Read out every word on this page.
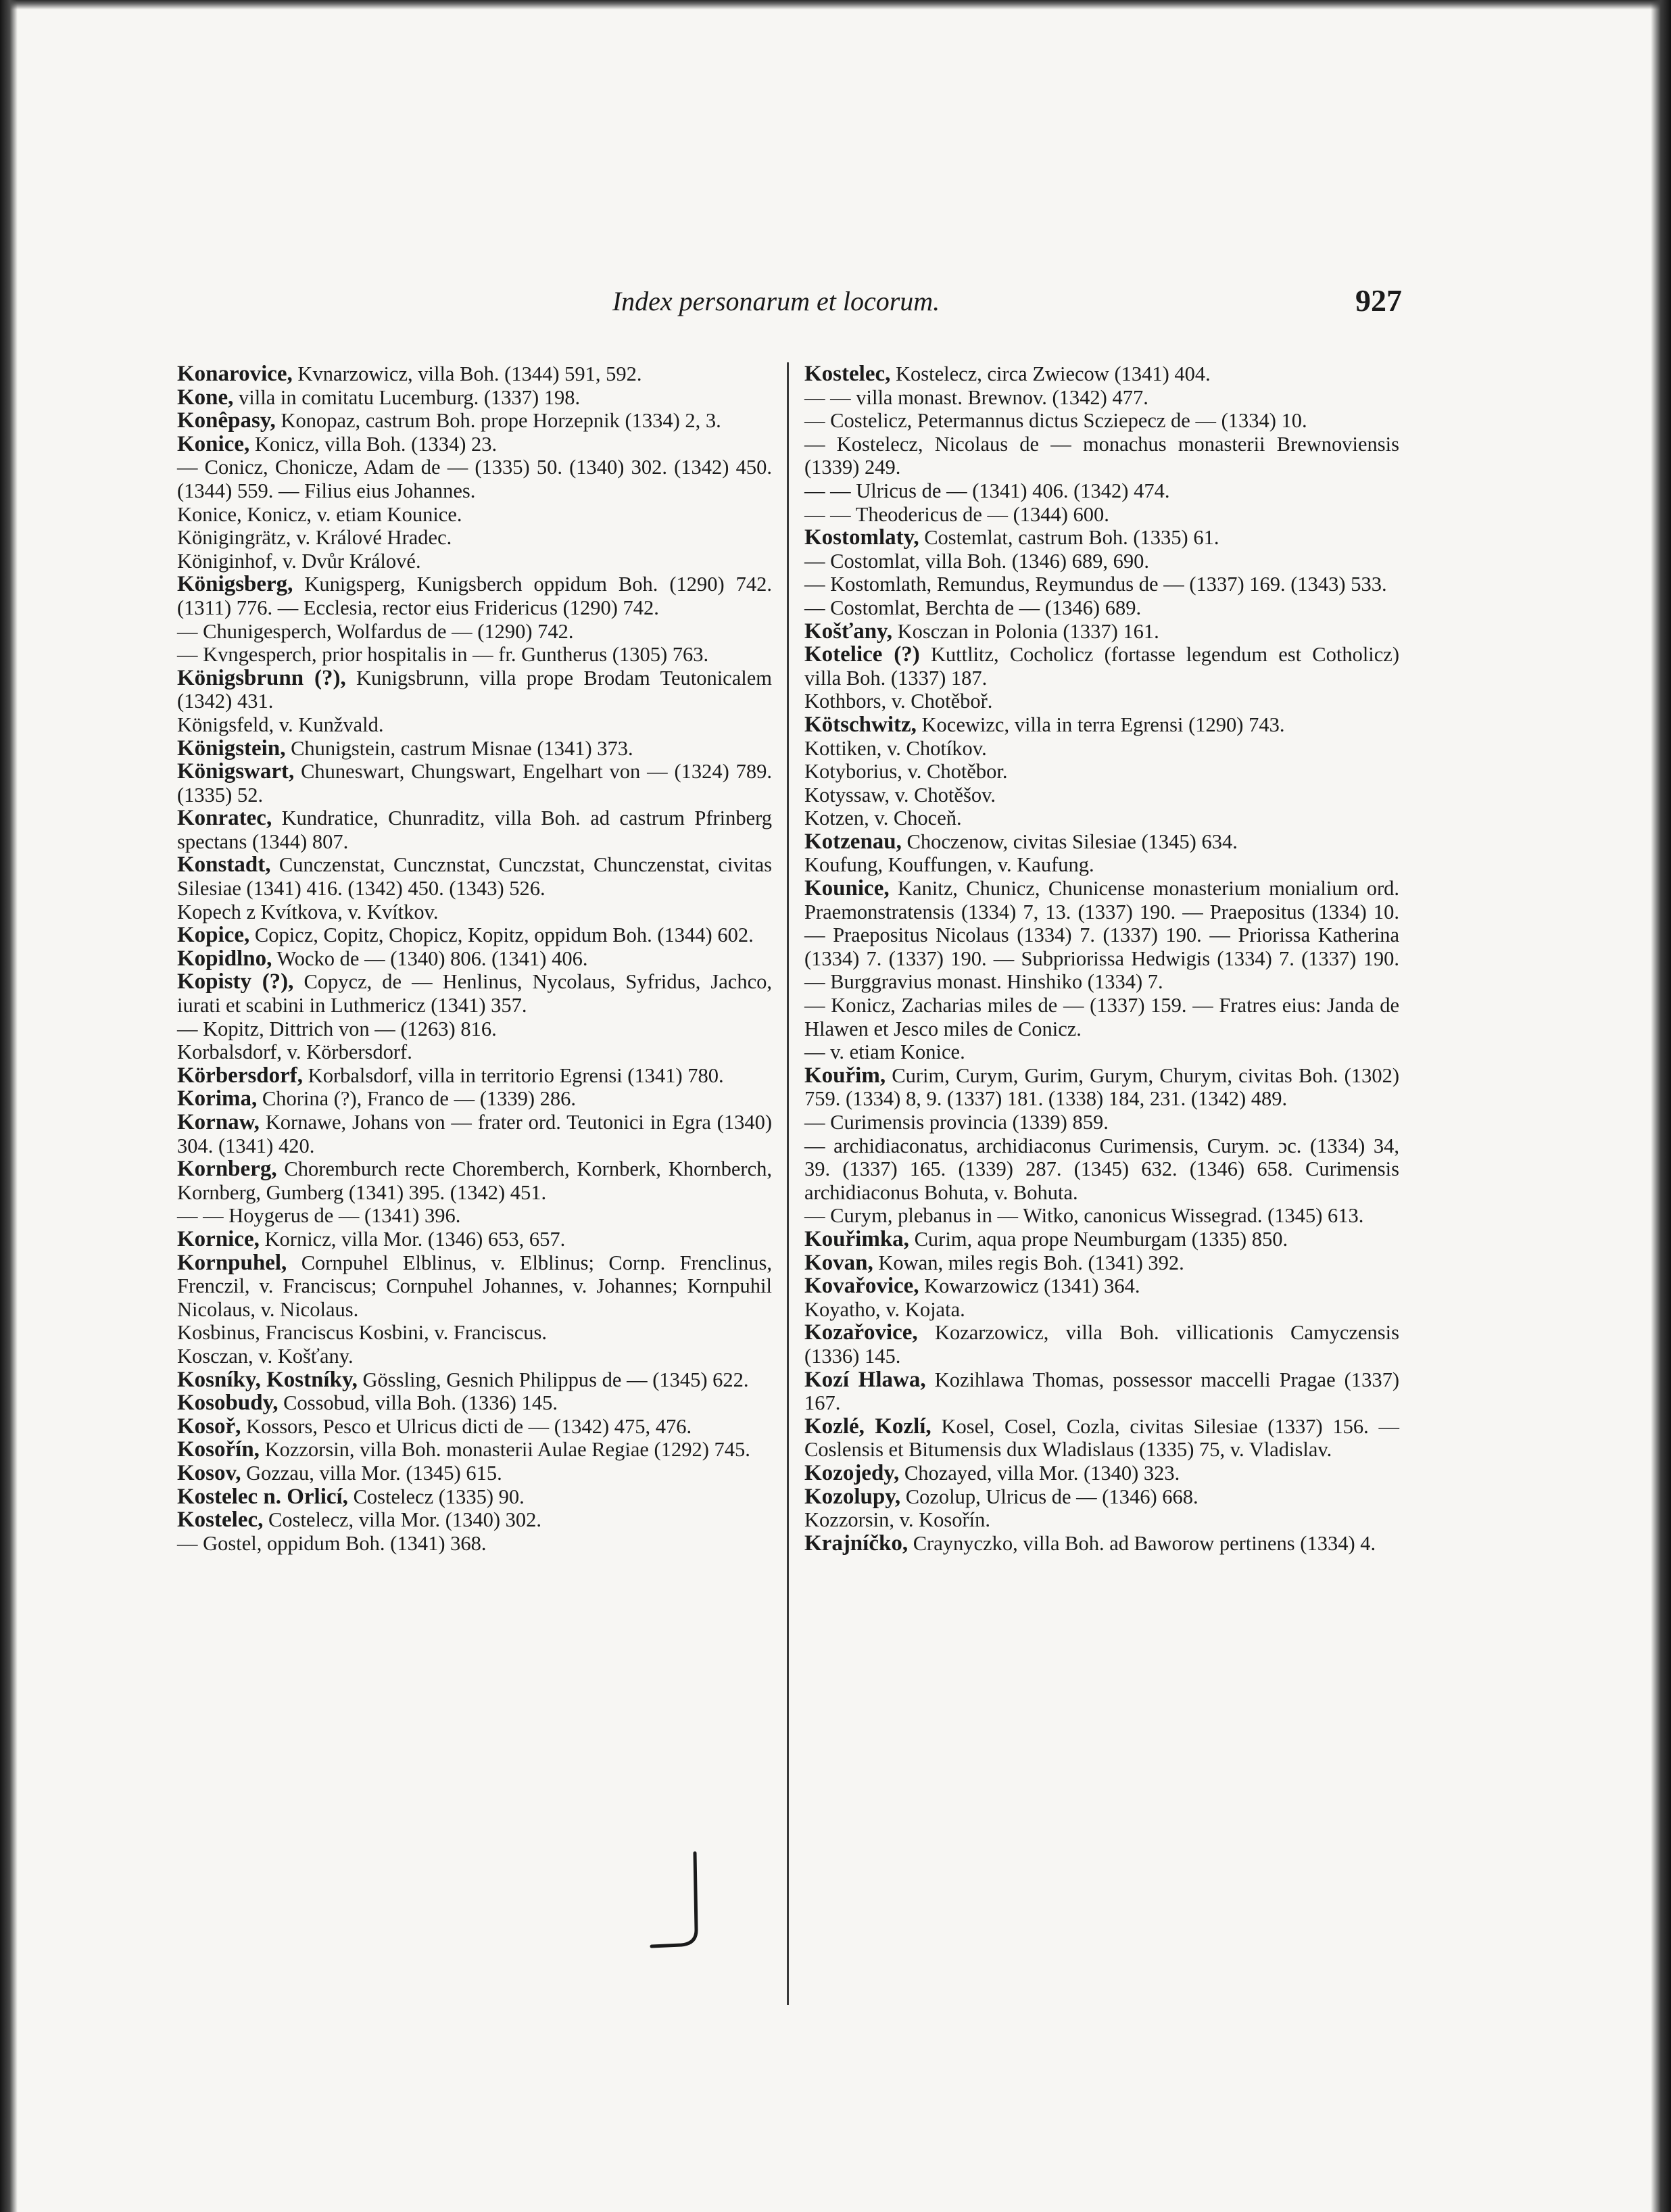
Index personarum et locorum.	927

Konarovice, Kvnarzowicz, villa Boh. (1344) 591, 592.

Kone, villa in comitatu Lucemburg. (1337) 198.

Konêpasy, Konopaz, castrum Boh. prope Horzepnik (1334) 2, 3.

Konice, Konicz, villa Boh. (1334) 23.

— Conicz, Chonicze, Adam de — (1335) 50. (1340) 302. (1342) 450. (1344) 559. — Filius eius Johannes.

Konice, Konicz, v. etiam Kounice.

Königingrätz, v. Králové Hradec.

Königinhof, v. Dvůr Králové.

Königsberg, Kunigsperg, Kunigsberch oppidum Boh. (1290) 742. (1311) 776. — Ecclesia, rector eius Fridericus (1290) 742.

— Chunigesperch, Wolfardus de — (1290) 742.

— Kvngesperch, prior hospitalis in — fr. Guntherus (1305) 763.

Königsbrunn (?), Kunigsbrunn, villa prope Brodam Teutonicalem (1342) 431.

Königsfeld, v. Kunžvald.

Königstein, Chunigstein, castrum Misnae (1341) 373.

Königswart, Chuneswart, Chungswart, Engelhart von — (1324) 789. (1335) 52.

Konratec, Kundratice, Chunraditz, villa Boh. ad castrum Pfrinberg spectans (1344) 807.

Konstadt, Cunczenstat, Cuncznstat, Cunczstat, Chunczenstat, civitas Silesiae (1341) 416. (1342) 450. (1343) 526.

Kopech z Kvítkova, v. Kvítkov.

Kopice, Copicz, Copitz, Chopicz, Kopitz, oppidum Boh. (1344) 602.

Kopidlno, Wocko de — (1340) 806. (1341) 406.

Kopisty (?), Copycz, de — Henlinus, Nycolaus, Syfridus, Jachco, iurati et scabini in Luthmericz (1341) 357.

— Kopitz, Dittrich von — (1263) 816.

Korbalsdorf, v. Körbersdorf.

Körbersdorf, Korbalsdorf, villa in territorio Egrensi (1341) 780.

Korima, Chorina (?), Franco de — (1339) 286.

Kornaw, Kornawe, Johans von — frater ord. Teutonici in Egra (1340) 304. (1341) 420.

Kornberg, Choremburch recte Choremberch, Kornberk, Khornberch, Kornberg, Gumberg (1341) 395. (1342) 451.

— — Hoygerus de — (1341) 396.

Kornice, Kornicz, villa Mor. (1346) 653, 657.

Kornpuhel, Cornpuhel Elblinus, v. Elblinus; Cornp. Frenclinus, Frenczil, v. Franciscus; Cornpuhel Johannes, v. Johannes; Kornpuhil Nicolaus, v. Nicolaus.

Kosbinus, Franciscus Kosbini, v. Franciscus.

Kosczan, v. Košťany.

Kosníky, Kostníky, Gössling, Gesnich Philippus de — (1345) 622.

Kosobudy, Cossobud, villa Boh. (1336) 145.

Kosoř, Kossors, Pesco et Ulricus dicti de — (1342) 475, 476.

Kosořín, Kozzorsin, villa Boh. monasterii Aulae Regiae (1292) 745.

Kosov, Gozzau, villa Mor. (1345) 615.

Kostelec n. Orlicí, Costelecz (1335) 90.

Kostelec, Costelecz, villa Mor. (1340) 302.

— Gostel, oppidum Boh. (1341) 368.

Kostelec, Kostelecz, circa Zwiecow (1341) 404.

— — villa monast. Brewnov. (1342) 477.

— Costelicz, Petermannus dictus Scziepecz de — (1334) 10.

— Kostelecz, Nicolaus de — monachus monasterii Brewnoviensis (1339) 249.

— — Ulricus de — (1341) 406. (1342) 474.

— — Theodericus de — (1344) 600.

Kostomlaty, Costemlat, castrum Boh. (1335) 61.

— Costomlat, villa Boh. (1346) 689, 690.

— Kostomlath, Remundus, Reymundus de — (1337) 169. (1343) 533.

— Costomlat, Berchta de — (1346) 689.

Košťany, Kosczan in Polonia (1337) 161.

Kotelice (?) Kuttlitz, Cocholicz (fortasse legendum est Cotholicz) villa Boh. (1337) 187.

Kothbors, v. Chotěboř.

Kötschwitz, Kocewizc, villa in terra Egrensi (1290) 743.

Kottiken, v. Chotíkov.

Kotyborius, v. Chotěbor.

Kotyssaw, v. Chotěšov.

Kotzen, v. Choceň.

Kotzenau, Choczenow, civitas Silesiae (1345) 634.

Koufung, Kouffungen, v. Kaufung.

Kounice, Kanitz, Chunicz, Chunicense monasterium monialium ord. Praemonstratensis (1334) 7, 13. (1337) 190. — Praepositus (1334) 10. — Praepositus Nicolaus (1334) 7. (1337) 190. — Priorissa Katherina (1334) 7. (1337) 190. — Subpriorissa Hedwigis (1334) 7. (1337) 190. — Burggravius monast. Hinshiko (1334) 7.

— Konicz, Zacharias miles de — (1337) 159. — Fratres eius: Janda de Hlawen et Jesco miles de Conicz.

— v. etiam Konice.

Kouřim, Curim, Curym, Gurim, Gurym, Churym, civitas Boh. (1302) 759. (1334) 8, 9. (1337) 181. (1338) 184, 231. (1342) 489.

— Curimensis provincia (1339) 859.

— archidiaconatus, archidiaconus Curimensis, Curym. ɔc. (1334) 34, 39. (1337) 165. (1339) 287. (1345) 632. (1346) 658. Curimensis archidiaconus Bohuta, v. Bohuta.

— Curym, plebanus in — Witko, canonicus Wissegrad. (1345) 613.

Kouřimka, Curim, aqua prope Neumburgam (1335) 850.

Kovan, Kowan, miles regis Boh. (1341) 392.

Kovařovice, Kowarzowicz (1341) 364.

Koyatho, v. Kojata.

Kozařovice, Kozarzowicz, villa Boh. villicationis Camyczensis (1336) 145.

Kozí Hlawa, Kozihlawa Thomas, possessor maccelli Pragae (1337) 167.

Kozlé, Kozlí, Kosel, Cosel, Cozla, civitas Silesiae (1337) 156. — Coslensis et Bitumensis dux Wladislaus (1335) 75, v. Vladislav.

Kozojedy, Chozayed, villa Mor. (1340) 323.

Kozolupy, Cozolup, Ulricus de — (1346) 668.

Kozzorsin, v. Kosořín.

Krajníčko, Craynyczko, villa Boh. ad Baworow pertinens (1334) 4.
